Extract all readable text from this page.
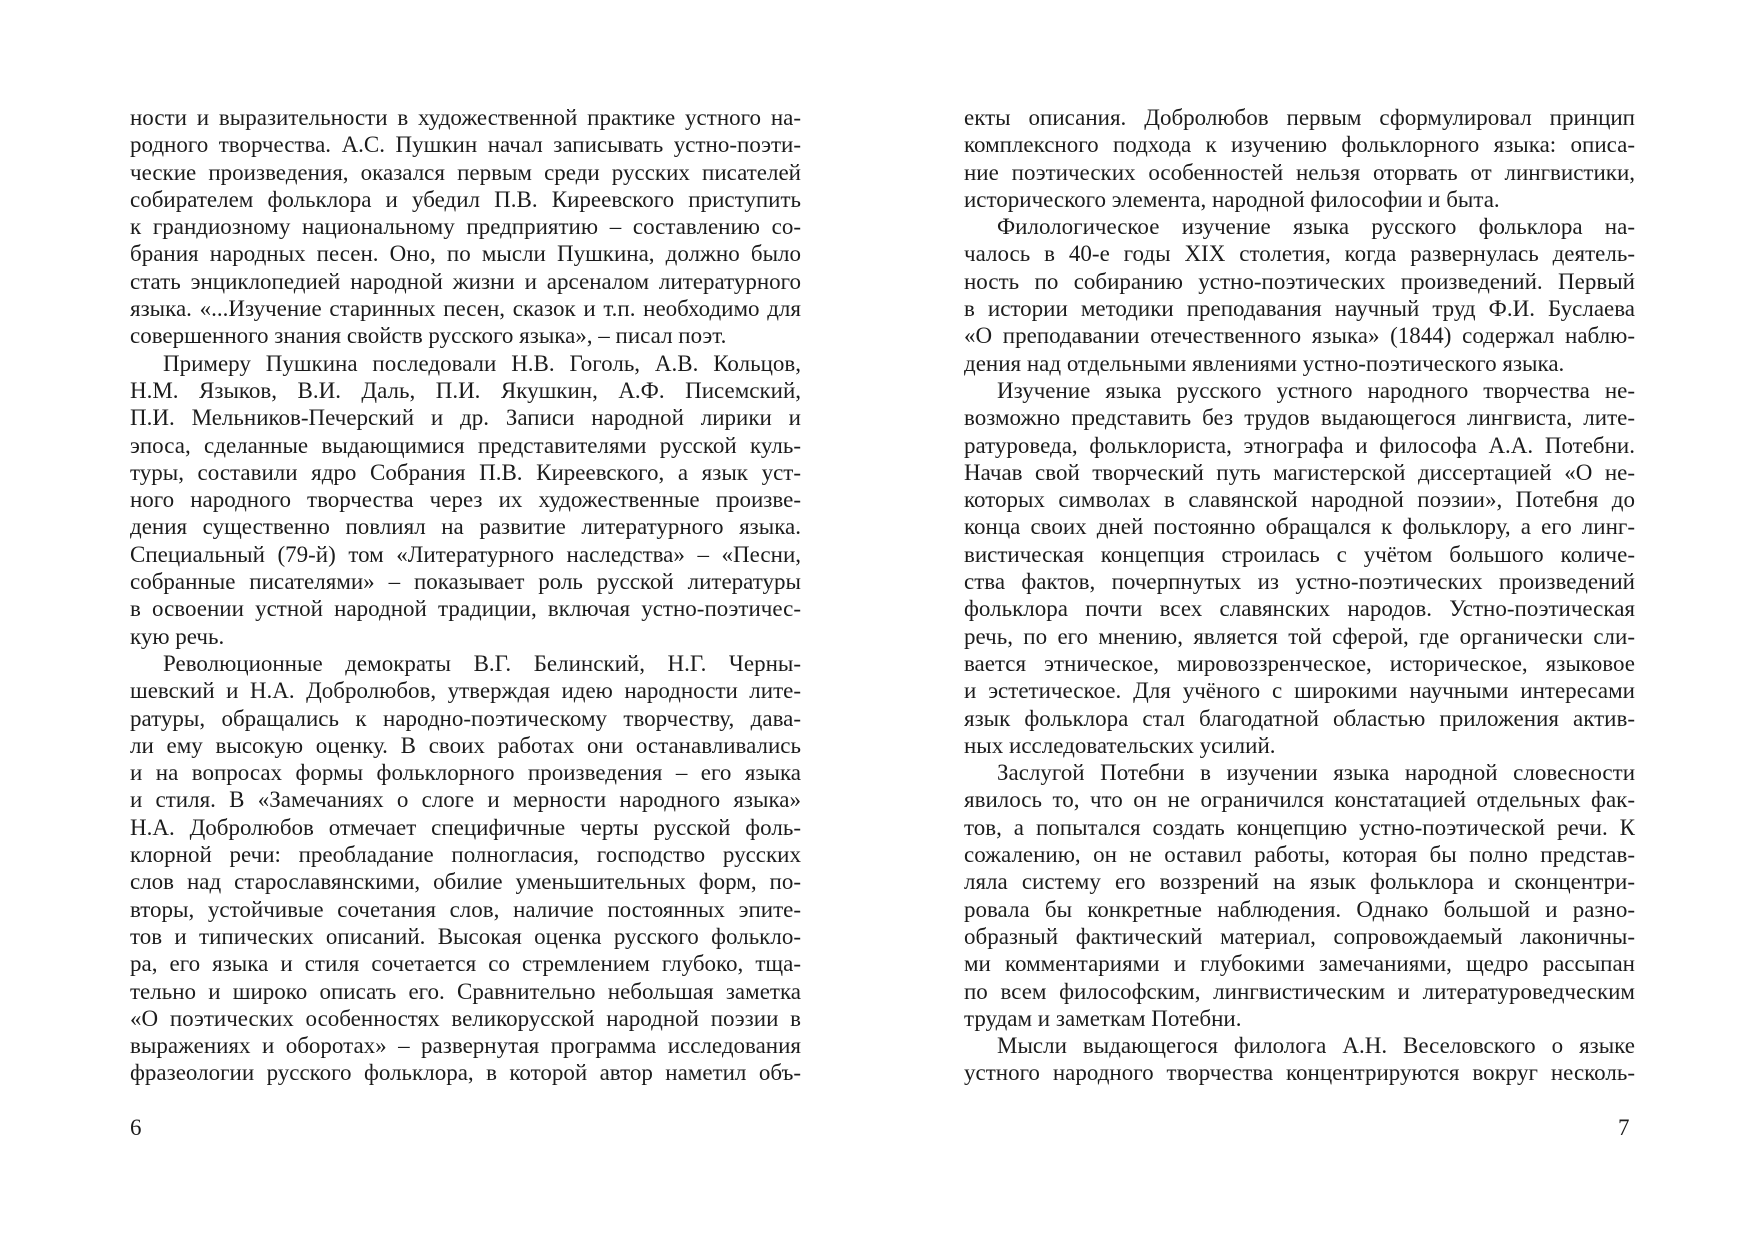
ности и выразительности в художественной практике устного на-
родного творчества. А.С. Пушкин начал записывать устно-поэти-
ческие произведения, оказался первым среди русских писателей
собирателем фольклора и убедил П.В. Киреевского приступить
к грандиозному национальному предприятию – составлению со-
брания народных песен. Оно, по мысли Пушкина, должно было
стать энциклопедией народной жизни и арсеналом литературного
языка. «...Изучение старинных песен, сказок и т.п. необходимо для
совершенного знания свойств русского языка», – писал поэт.
Примеру Пушкина последовали Н.В. Гоголь, А.В. Кольцов,
Н.М. Языков, В.И. Даль, П.И. Якушкин, А.Ф. Писемский,
П.И. Мельников-Печерский и др. Записи народной лирики и
эпоса, сделанные выдающимися представителями русской куль-
туры, составили ядро Собрания П.В. Киреевского, а язык уст-
ного народного творчества через их художественные произве-
дения существенно повлиял на развитие литературного языка.
Специальный (79-й) том «Литературного наследства» – «Песни,
собранные писателями» – показывает роль русской литературы
в освоении устной народной традиции, включая устно-поэтичес-
кую речь.
Революционные демократы В.Г. Белинский, Н.Г. Черны-
шевский и Н.А. Добролюбов, утверждая идею народности лите-
ратуры, обращались к народно-поэтическому творчеству, дава-
ли ему высокую оценку. В своих работах они останавливались
и на вопросах формы фольклорного произведения – его языка
и стиля. В «Замечаниях о слоге и мерности народного языка»
Н.А. Добролюбов отмечает специфичные черты русской фоль-
клорной речи: преобладание полногласия, господство русских
слов над старославянскими, обилие уменьшительных форм, по-
вторы, устойчивые сочетания слов, наличие постоянных эпите-
тов и типических описаний. Высокая оценка русского фолькло-
ра, его языка и стиля сочетается со стремлением глубоко, тща-
тельно и широко описать его. Сравнительно небольшая заметка
«О поэтических особенностях великорусской народной поэзии в
выражениях и оборотах» – развернутая программа исследования
фразеологии русского фольклора, в которой автор наметил объ-
6
екты описания. Добролюбов первым сформулировал принцип
комплексного подхода к изучению фольклорного языка: описа-
ние поэтических особенностей нельзя оторвать от лингвистики,
исторического элемента, народной философии и быта.
Филологическое изучение языка русского фольклора на-
чалось в 40-е годы XIX столетия, когда развернулась деятель-
ность по собиранию устно-поэтических произведений. Первый
в истории методики преподавания научный труд Ф.И. Буслаева
«О преподавании отечественного языка» (1844) содержал наблю-
дения над отдельными явлениями устно-поэтического языка.
Изучение языка русского устного народного творчества не-
возможно представить без трудов выдающегося лингвиста, лите-
ратуроведа, фольклориста, этнографа и философа А.А. Потебни.
Начав свой творческий путь магистерской диссертацией «О не-
которых символах в славянской народной поэзии», Потебня до
конца своих дней постоянно обращался к фольклору, а его линг-
вистическая концепция строилась с учётом большого количе-
ства фактов, почерпнутых из устно-поэтических произведений
фольклора почти всех славянских народов. Устно-поэтическая
речь, по его мнению, является той сферой, где органически сли-
вается этническое, мировоззренческое, историческое, языковое
и эстетическое. Для учёного с широкими научными интересами
язык фольклора стал благодатной областью приложения актив-
ных исследовательских усилий.
Заслугой Потебни в изучении языка народной словесности
явилось то, что он не ограничился констатацией отдельных фак-
тов, а попытался создать концепцию устно-поэтической речи. К
сожалению, он не оставил работы, которая бы полно представ-
ляла систему его воззрений на язык фольклора и сконцентри-
ровала бы конкретные наблюдения. Однако большой и разно-
образный фактический материал, сопровождаемый лаконичны-
ми комментариями и глубокими замечаниями, щедро рассыпан
по всем философским, лингвистическим и литературоведческим
трудам и заметкам Потебни.
Мысли выдающегося филолога А.Н. Веселовского о языке
устного народного творчества концентрируются вокруг несколь-
7
